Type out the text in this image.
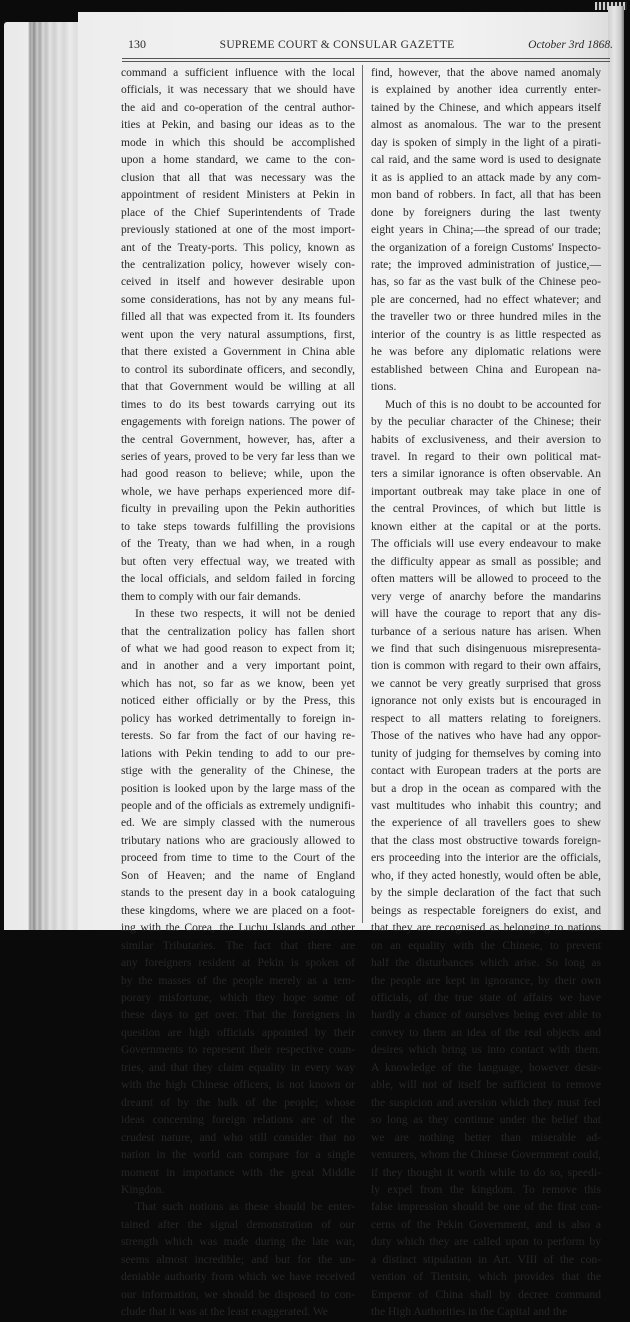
130	SUPREME COURT & CONSULAR GAZETTE	October 3rd 1868.

command a sufficient influence with the local
officials, it was necessary that we should have
the aid and co-operation of the central author-
ities at Pekin, and basing our ideas as to the
mode in which this should be accomplished
upon a home standard, we came to the con-
clusion that all that was necessary was the
appointment of resident Ministers at Pekin in
place of the Chief Superintendents of Trade
previously stationed at one of the most import-
ant of the Treaty-ports. This policy, known as
the centralization policy, however wisely con-
ceived in itself and however desirable upon
some considerations, has not by any means ful-
filled all that was expected from it. Its founders
went upon the very natural assumptions, first,
that there existed a Government in China able
to control its subordinate officers, and secondly,
that that Government would be willing at all
times to do its best towards carrying out its
engagements with foreign nations. The power of
the central Government, however, has, after a
series of years, proved to be very far less than we
had good reason to believe; while, upon the
whole, we have perhaps experienced more dif-
ficulty in prevailing upon the Pekin authorities
to take steps towards fulfilling the provisions
of the Treaty, than we had when, in a rough
but often very effectual way, we treated with
the local officials, and seldom failed in forcing
them to comply with our fair demands.

In these two respects, it will not be denied
that the centralization policy has fallen short
of what we had good reason to expect from it;
and in another and a very important point,
which has not, so far as we know, been yet
noticed either officially or by the Press, this
policy has worked detrimentally to foreign in-
terests. So far from the fact of our having re-
lations with Pekin tending to add to our pre-
stige with the generality of the Chinese, the
position is looked upon by the large mass of the
people and of the officials as extremely undignifi-
ed. We are simply classed with the numerous
tributary nations who are graciously allowed to
proceed from time to time to the Court of the
Son of Heaven; and the name of England
stands to the present day in a book cataloguing
these kingdoms, where we are placed on a foot-
ing with the Corea, the Luchu Islands and other
similar Tributaries. The fact that there are
any foreigners resident at Pekin is spoken of
by the masses of the people merely as a tem-
porary misfortune, which they hope some of
these days to get over. That the foreigners in
question are high officials appointed by their
Governments to represent their respective coun-
tries, and that they claim equality in every way
with the high Chinese officers, is not known or
dreamt of by the bulk of the people; whose
ideas concerning foreign relations are of the
crudest nature, and who still consider that no
nation in the world can compare for a single
moment in importance with the great Middle
Kingdon.

That such notions as these should be enter-
tained after the signal demonstration of our
strength which was made during the late war,
seems almost incredible; and but for the un-
deniable authority from which we have received
our information, we should be disposed to con-
clude that it was at the least exaggerated. We

find, however, that the above named anomaly
is explained by another idea currently enter-
tained by the Chinese, and which appears itself
almost as anomalous. The war to the present
day is spoken of simply in the light of a pirati-
cal raid, and the same word is used to designate
it as is applied to an attack made by any com-
mon band of robbers. In fact, all that has been
done by foreigners during the last twenty
eight years in China;—the spread of our trade;
the organization of a foreign Customs' Inspecto-
rate; the improved administration of justice,—
has, so far as the vast bulk of the Chinese peo-
ple are concerned, had no effect whatever; and
the traveller two or three hundred miles in the
interior of the country is as little respected as
he was before any diplomatic relations were
established between China and European na-
tions.

Much of this is no doubt to be accounted for
by the peculiar character of the Chinese; their
habits of exclusiveness, and their aversion to
travel. In regard to their own political mat-
ters a similar ignorance is often observable. An
important outbreak may take place in one of
the central Provinces, of which but little is
known either at the capital or at the ports.
The officials will use every endeavour to make
the difficulty appear as small as possible; and
often matters will be allowed to proceed to the
very verge of anarchy before the mandarins
will have the courage to report that any dis-
turbance of a serious nature has arisen. When
we find that such disingenuous misrepresenta-
tion is common with regard to their own affairs,
we cannot be very greatly surprised that gross
ignorance not only exists but is encouraged in
respect to all matters relating to foreigners.
Those of the natives who have had any oppor-
tunity of judging for themselves by coming into
contact with European traders at the ports are
but a drop in the ocean as compared with the
vast multitudes who inhabit this country; and
the experience of all travellers goes to shew
that the class most obstructive towards foreign-
ers proceeding into the interior are the officials,
who, if they acted honestly, would often be able,
by the simple declaration of the fact that such
beings as respectable foreigners do exist, and
that they are recognised as belonging to nations
on an equality with the Chinese, to prevent
half the disturbances which arise. So long as
the people are kept in ignorance, by their own
officials, of the true state of affairs we have
hardly a chance of ourselves being ever able to
convey to them an idea of the real objects and
desires which bring us into contact with them.
A knowledge of the language, however desir-
able, will not of itself be sufficient to remove
the suspicion and aversion which they must feel
so long as they continue under the belief that
we are nothing better than miserable ad-
venturers, whom the Chinese Government could,
if they thought it worth while to do so, speedi-
ly expel from the kingdom. To remove this
false impression should be one of the first con-
cerns of the Pekin Government, and is also a
duty which they are called upon to perform by
a distinct stipulation in Art. VIII of the con-
vention of Tientsin, which provides that the
Emperor of China shall by decree command
the High Authorities in the Capital and the
